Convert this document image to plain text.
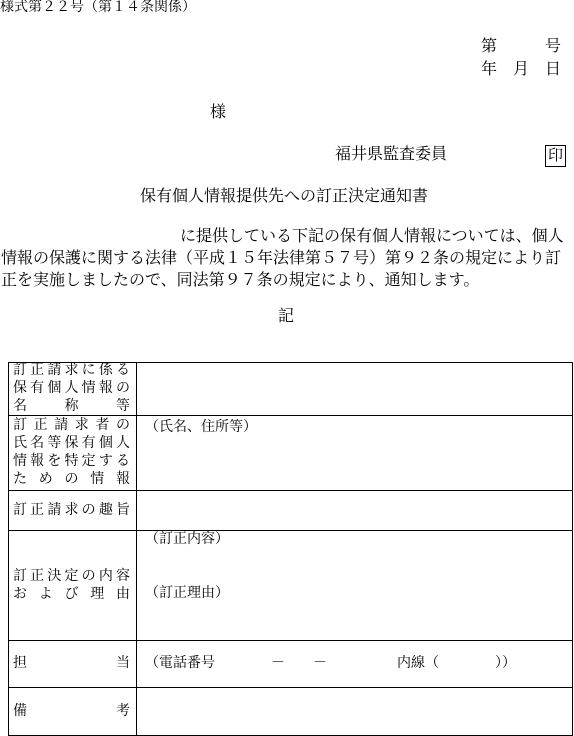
様式第２２号（第１４条関係）
第　　　号
年　月　日
様
福井県監査委員	印
保有個人情報提供先への訂正決定通知書
に提供している下記の保有個人情報については、個人
情報の保護に関する法律（平成１５年法律第５７号）第９２条の規定により訂
正を実施しましたので、同法第９７条の規定により、通知します。
記
訂正請求に係る
保有個人情報の
名称等
訂正請求者の
氏名等保有個人
情報を特定する
ための情報
（氏名、住所等）
訂正請求の趣旨
訂正決定の内容
および理由
（訂正内容）
（訂正理由）
担当 （電話番号　　　　－　　－　　　　　内線（　　　　））
備考
